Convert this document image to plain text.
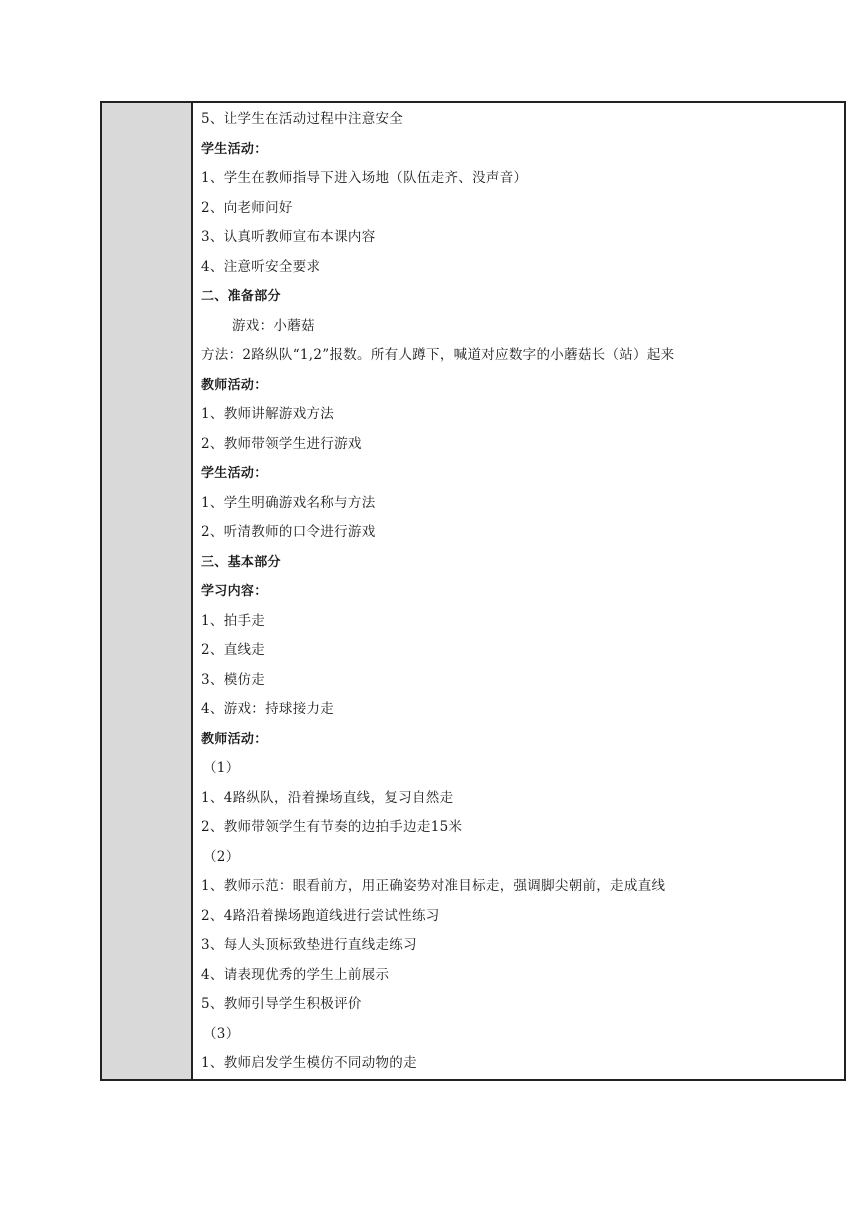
5、让学生在活动过程中注意安全
学生活动：
1、学生在教师指导下进入场地（队伍走齐、没声音）
2、向老师问好
3、认真听教师宣布本课内容
4、注意听安全要求
二、准备部分
游戏：小蘑菇
方法：2路纵队“1,2”报数。所有人蹲下，喊道对应数字的小蘑菇长（站）起来
教师活动：
1、教师讲解游戏方法
2、教师带领学生进行游戏
学生活动：
1、学生明确游戏名称与方法
2、听清教师的口令进行游戏
三、基本部分
学习内容：
1、拍手走
2、直线走
3、模仿走
4、游戏：持球接力走
教师活动：
（1）
1、4路纵队，沿着操场直线，复习自然走
2、教师带领学生有节奏的边拍手边走15米
（2）
1、教师示范：眼看前方，用正确姿势对准目标走，强调脚尖朝前，走成直线
2、4路沿着操场跑道线进行尝试性练习
3、每人头顶标致垫进行直线走练习
4、请表现优秀的学生上前展示
5、教师引导学生积极评价
（3）
1、教师启发学生模仿不同动物的走
